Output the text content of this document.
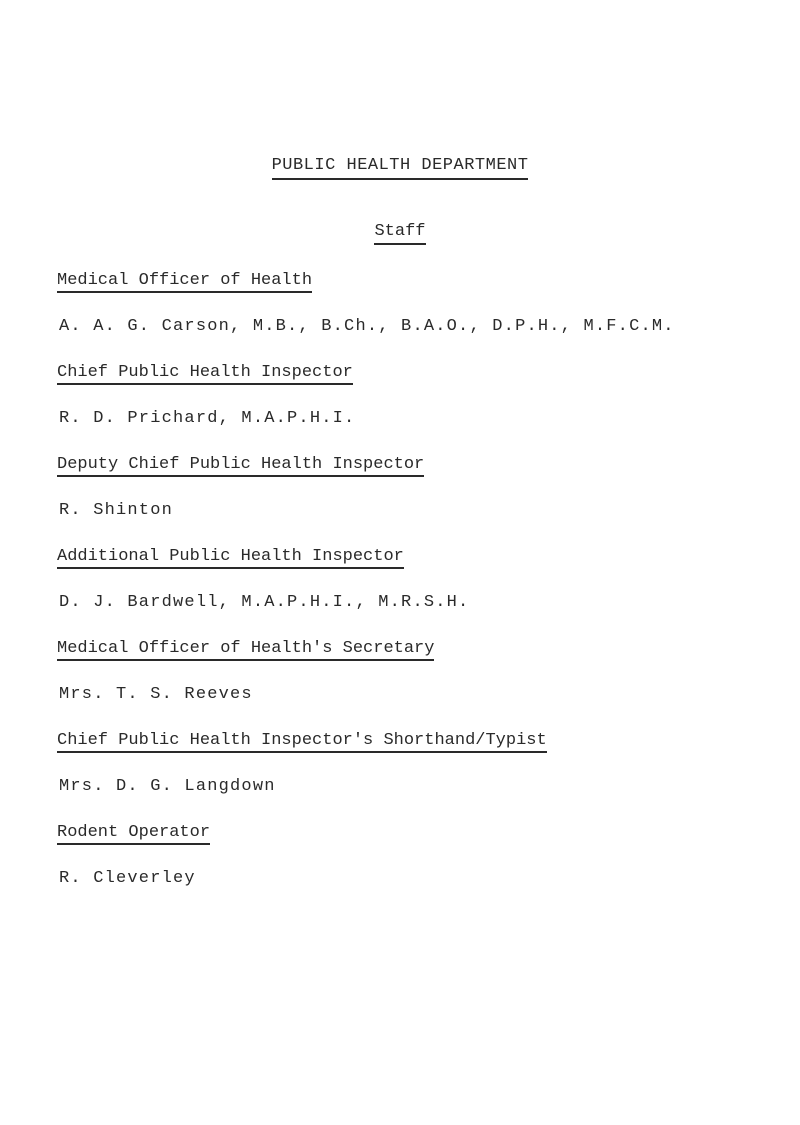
PUBLIC HEALTH DEPARTMENT
Staff
Medical Officer of Health
A. A. G. Carson, M.B., B.Ch., B.A.O., D.P.H., M.F.C.M.
Chief Public Health Inspector
R. D. Prichard, M.A.P.H.I.
Deputy Chief Public Health Inspector
R. Shinton
Additional Public Health Inspector
D. J. Bardwell, M.A.P.H.I., M.R.S.H.
Medical Officer of Health's Secretary
Mrs. T. S. Reeves
Chief Public Health Inspector's Shorthand/Typist
Mrs. D. G. Langdown
Rodent Operator
R. Cleverley
